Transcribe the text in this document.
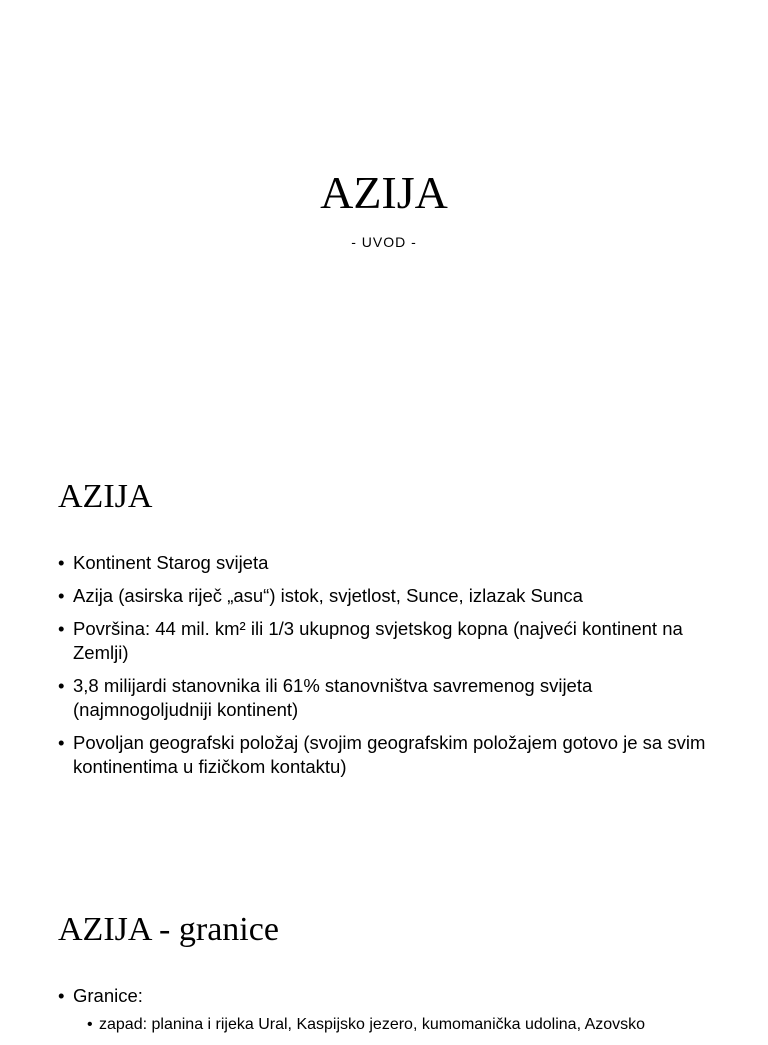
AZIJA
- UVOD -
AZIJA
• Kontinent Starog svijeta
• Azija (asirska riječ „asu“) istok, svjetlost, Sunce, izlazak Sunca
• Površina: 44 mil. km² ili 1/3 ukupnog svjetskog kopna (najveći kontinent na Zemlji)
• 3,8 milijardi stanovnika ili 61% stanovništva savremenog svijeta (najmnogoljudniji kontinent)
• Povoljan geografski položaj (svojim geografskim položajem gotovo je sa svim kontinentima u fizičkom kontaktu)
AZIJA - granice
• Granice:
• zapad: planina i rijeka Ural, Kaspijsko jezero, kumomanička udolina, Azovsko
